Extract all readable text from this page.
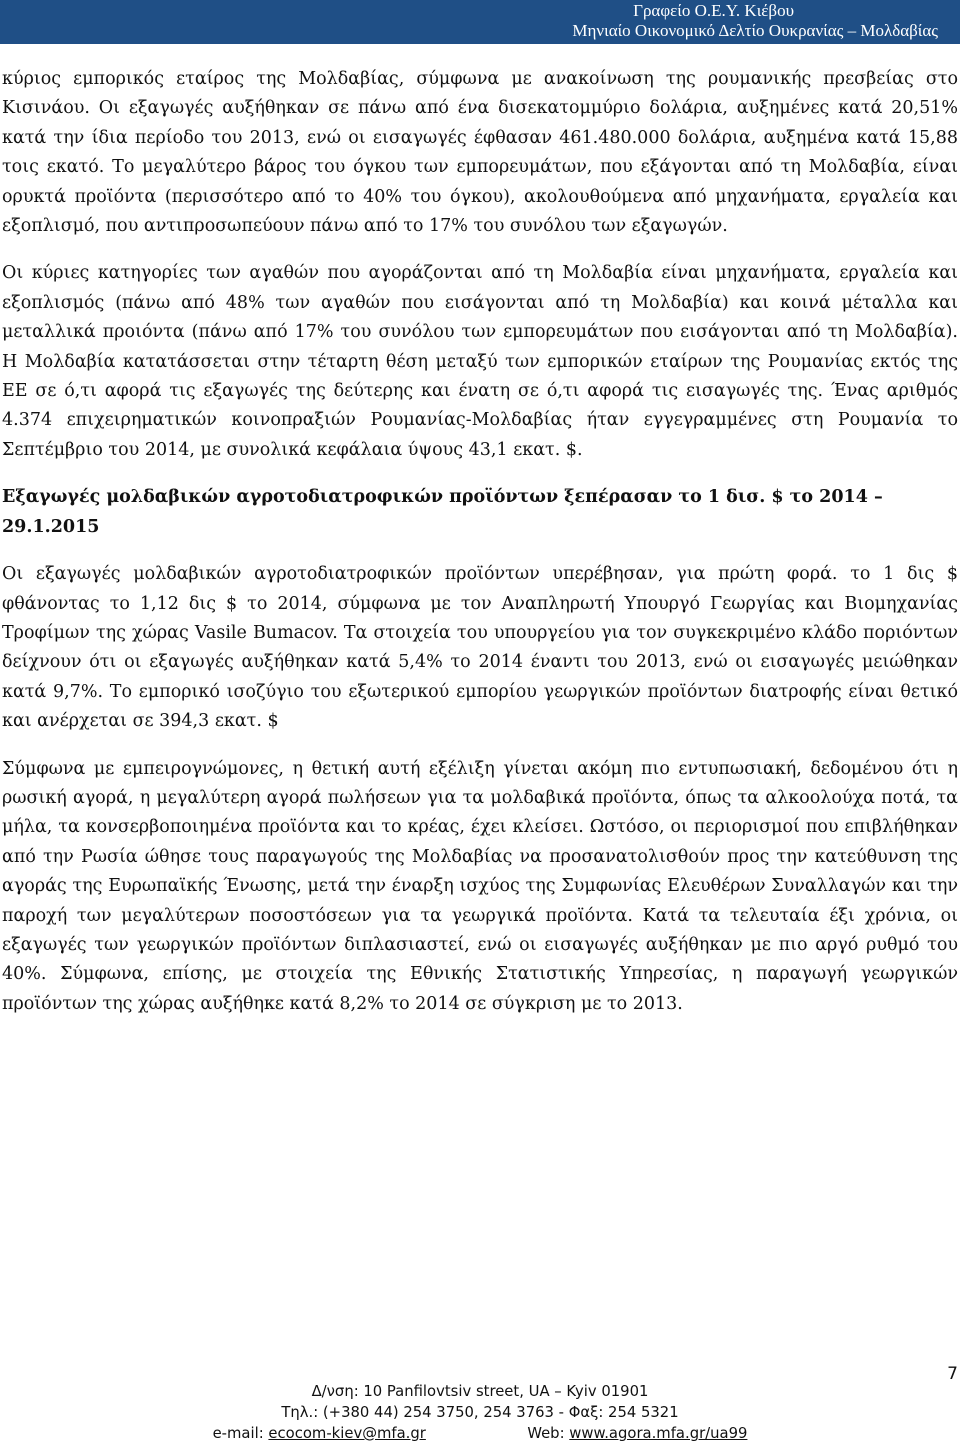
Γραφείο Ο.Ε.Υ. Κιέβου
Μηνιαίο Οικονομικό Δελτίο Ουκρανίας – Μολδαβίας

κύριος εμπορικός εταίρος της Μολδαβίας, σύμφωνα με ανακοίνωση της ρουμανικής πρεσβείας στο Κισινάου. Οι εξαγωγές αυξήθηκαν σε πάνω από ένα δισεκατομμύριο δολάρια, αυξημένες κατά 20,51% κατά την ίδια περίοδο του 2013, ενώ οι εισαγωγές έφθασαν 461.480.000 δολάρια, αυξημένα κατά 15,88 τοις εκατό. Το μεγαλύτερο βάρος του όγκου των εμπορευμάτων, που εξάγονται από τη Μολδαβία, είναι ορυκτά προϊόντα (περισσότερο από το 40% του όγκου), ακολουθούμενα από μηχανήματα, εργαλεία και εξοπλισμό, που αντιπροσωπεύουν πάνω από το 17% του συνόλου των εξαγωγών.

Οι κύριες κατηγορίες των αγαθών που αγοράζονται από τη Μολδαβία είναι μηχανήματα, εργαλεία και εξοπλισμός (πάνω από 48% των αγαθών που εισάγονται από τη Μολδαβία) και κοινά μέταλλα και μεταλλικά προιόντα (πάνω από 17% του συνόλου των εμπορευμάτων που εισάγονται από τη Μολδαβία). Η Μολδαβία κατατάσσεται στην τέταρτη θέση μεταξύ των εμπορικών εταίρων της Ρουμανίας εκτός της ΕΕ σε ό,τι αφορά τις εξαγωγές της δεύτερης και ένατη σε ό,τι αφορά τις εισαγωγές της. Ένας αριθμός 4.374 επιχειρηματικών κοινοπραξιών Ρουμανίας-Μολδαβίας ήταν εγγεγραμμένες στη Ρουμανία το Σεπτέμβριο του 2014, με συνολικά κεφάλαια ύψους 43,1 εκατ. $.

Εξαγωγές μολδαβικών αγροτοδιατροφικών προϊόντων ξεπέρασαν το 1 δισ. $ το 2014 – 29.1.2015

Οι εξαγωγές μολδαβικών αγροτοδιατροφικών προϊόντων υπερέβησαν, για πρώτη φορά. το 1 δις $ φθάνοντας το 1,12 δις $ το 2014, σύμφωνα με τον Αναπληρωτή Υπουργό Γεωργίας και Βιομηχανίας Τροφίμων της χώρας Vasile Bumacov. Τα στοιχεία του υπουργείου για τον συγκεκριμένο κλάδο ποριόντων δείχνουν ότι οι εξαγωγές αυξήθηκαν κατά 5,4% το 2014 έναντι του 2013, ενώ οι εισαγωγές μειώθηκαν κατά 9,7%. Το εμπορικό ισοζύγιο του εξωτερικού εμπορίου γεωργικών προϊόντων διατροφής είναι θετικό και ανέρχεται σε 394,3 εκατ. $

Σύμφωνα με εμπειρογνώμονες, η θετική αυτή εξέλιξη γίνεται ακόμη πιο εντυπωσιακή, δεδομένου ότι η ρωσική αγορά, η μεγαλύτερη αγορά πωλήσεων για τα μολδαβικά προϊόντα, όπως τα αλκοολούχα ποτά, τα μήλα, τα κονσερβοποιημένα προϊόντα και το κρέας, έχει κλείσει. Ωστόσο, οι περιορισμοί που επιβλήθηκαν από την Ρωσία ώθησε τους παραγωγούς της Μολδαβίας να προσανατολισθούν προς την κατεύθυνση της αγοράς της Ευρωπαϊκής Ένωσης, μετά την έναρξη ισχύος της Συμφωνίας Ελευθέρων Συναλλαγών και την παροχή των μεγαλύτερων ποσοστόσεων για τα γεωργικά προϊόντα. Κατά τα τελευταία έξι χρόνια, οι εξαγωγές των γεωργικών προϊόντων διπλασιαστεί, ενώ οι εισαγωγές αυξήθηκαν με πιο αργό ρυθμό του 40%. Σύμφωνα, επίσης, με στοιχεία της Εθνικής Στατιστικής Υπηρεσίας, η παραγωγή γεωργικών προϊόντων της χώρας αυξήθηκε κατά 8,2% το 2014 σε σύγκριση με το 2013.

7
Δ/νση: 10 Panfilovtsiv street, UA – Kyiv 01901
Τηλ.: (+380 44) 254 3750, 254 3763 - Φαξ: 254 5321
e-mail: ecocom-kiev@mfa.gr	Web: www.agora.mfa.gr/ua99
